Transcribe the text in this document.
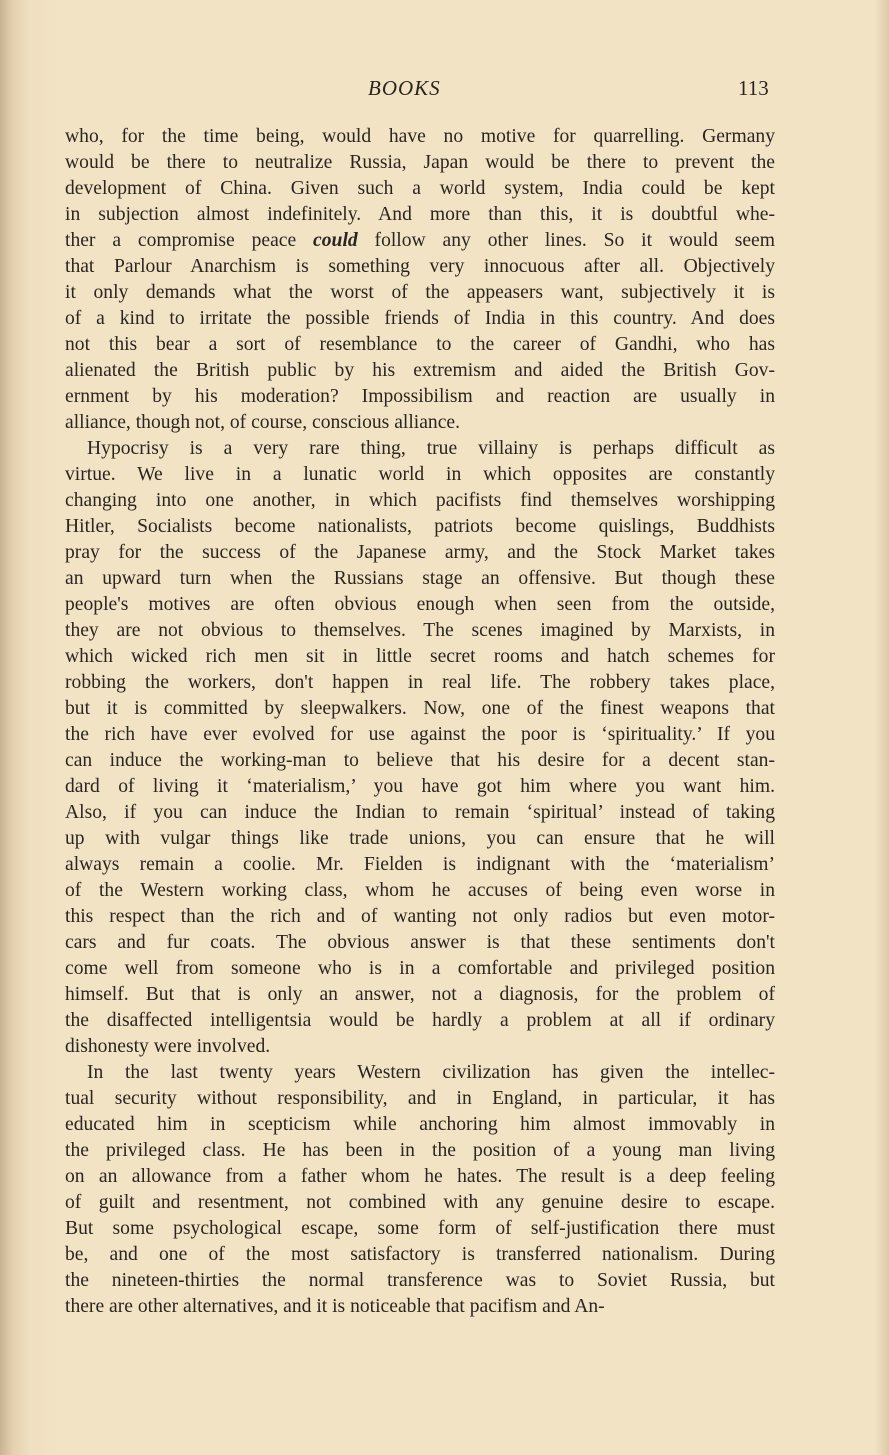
BOOKS	113
who, for the time being, would have no motive for quarrelling. Germany
would be there to neutralize Russia, Japan would be there to prevent the
development of China. Given such a world system, India could be kept
in subjection almost indefinitely. And more than this, it is doubtful whe-
ther a compromise peace could follow any other lines. So it would seem
that Parlour Anarchism is something very innocuous after all. Objectively
it only demands what the worst of the appeasers want, subjectively it is
of a kind to irritate the possible friends of India in this country. And does
not this bear a sort of resemblance to the career of Gandhi, who has
alienated the British public by his extremism and aided the British Gov-
ernment by his moderation? Impossibilism and reaction are usually in
alliance, though not, of course, conscious alliance.
Hypocrisy is a very rare thing, true villainy is perhaps difficult as
virtue. We live in a lunatic world in which opposites are constantly
changing into one another, in which pacifists find themselves worshipping
Hitler, Socialists become nationalists, patriots become quislings, Buddhists
pray for the success of the Japanese army, and the Stock Market takes
an upward turn when the Russians stage an offensive. But though these
people's motives are often obvious enough when seen from the outside,
they are not obvious to themselves. The scenes imagined by Marxists, in
which wicked rich men sit in little secret rooms and hatch schemes for
robbing the workers, don't happen in real life. The robbery takes place,
but it is committed by sleepwalkers. Now, one of the finest weapons that
the rich have ever evolved for use against the poor is ‘spirituality.’ If you
can induce the working-man to believe that his desire for a decent stan-
dard of living it ‘materialism,’ you have got him where you want him.
Also, if you can induce the Indian to remain ‘spiritual’ instead of taking
up with vulgar things like trade unions, you can ensure that he will
always remain a coolie. Mr. Fielden is indignant with the ‘materialism’
of the Western working class, whom he accuses of being even worse in
this respect than the rich and of wanting not only radios but even motor-
cars and fur coats. The obvious answer is that these sentiments don't
come well from someone who is in a comfortable and privileged position
himself. But that is only an answer, not a diagnosis, for the problem of
the disaffected intelligentsia would be hardly a problem at all if ordinary
dishonesty were involved.
In the last twenty years Western civilization has given the intellec-
tual security without responsibility, and in England, in particular, it has
educated him in scepticism while anchoring him almost immovably in
the privileged class. He has been in the position of a young man living
on an allowance from a father whom he hates. The result is a deep feeling
of guilt and resentment, not combined with any genuine desire to escape.
But some psychological escape, some form of self-justification there must
be, and one of the most satisfactory is transferred nationalism. During
the nineteen-thirties the normal transference was to Soviet Russia, but
there are other alternatives, and it is noticeable that pacifism and An-
